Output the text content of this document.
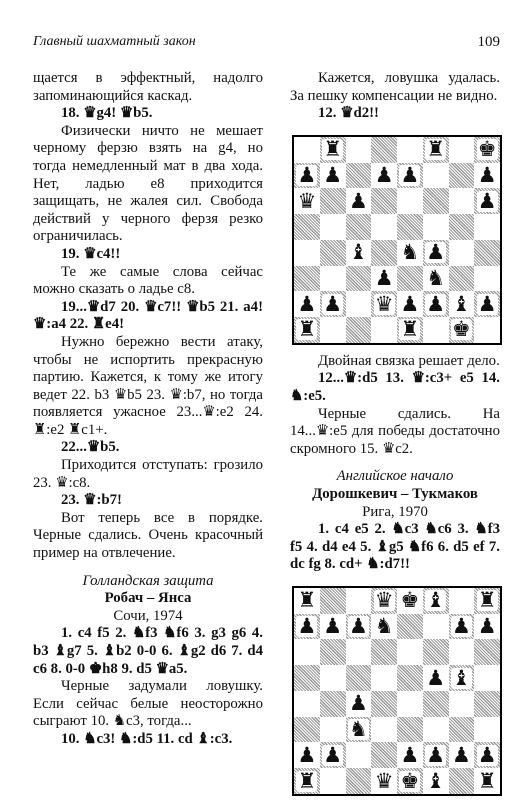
Главный шахматный закон	109

щается в эффектный, надолго запоминающийся каскад.

18. ♛g4! ♛b5.

Физически ничто не мешает черному ферзю взять на g4, но тогда немедленный мат в два хода. Нет, ладью e8 приходится защищать, не жалея сил. Свобода действий у черного ферзя резко ограничилась.

19. ♛c4!!

Те же самые слова сейчас можно сказать о ладье c8.

19...♛d7 20. ♛c7!! ♛b5 21. a4! ♛:a4 22. ♜e4!

Нужно бережно вести атаку, чтобы не испортить прекрасную партию. Кажется, к тому же итогу ведет 22. b3 ♛b5 23. ♛:b7, но тогда появляется ужасное 23...♛:e2 24. ♜:e2 ♜c1+.

22...♛b5.

Приходится отступать: грозило 23. ♛:c8.

23. ♛:b7!

Вот теперь все в порядке. Черные сдались. Очень красочный пример на отвлечение.

Голландская защита

Робач – Янса

Сочи, 1974

1. c4 f5 2. ♞f3 ♞f6 3. g3 g6 4. b3 ♝g7 5. ♝b2 0-0 6. ♝g2 d6 7. d4 c6 8. 0-0 ♚h8 9. d5 ♛a5.

Черные задумали ловушку. Если сейчас белые неосторожно сыграют 10. ♞c3, тогда...

10. ♞c3! ♞:d5 11. cd ♝:c3.

Кажется, ловушка удалась. За пешку компенсации не видно.

12. ♛d2!!

♜	♜ ♚
♟ ♟ ♟ ♟	♟
♛ ♟	♟
♝ ♞ ♟
♟ ♞
♟ ♟ ♛ ♟ ♟ ♝ ♟
♜	♜ ♚

Двойная связка решает дело.

12...♛:d5 13. ♛:c3+ e5 14. ♞:e5.

Черные сдались. На 14...♛:e5 для победы достаточно скромного 15. ♛c2.

Английское начало

Дорошкевич – Тукмаков

Рига, 1970

1. c4 e5 2. ♞c3 ♞c6 3. ♞f3 f5 4. d4 e4 5. ♝g5 ♞f6 6. d5 ef 7. dc fg 8. cd+ ♞:d7!!

♜	♛ ♚ ♝ ♜
♟ ♟ ♟ ♞	♟ ♟
♟ ♝
♟
♞
♟ ♟	♟ ♟ ♟ ♟
♜	♛ ♚ ♝ ♜
